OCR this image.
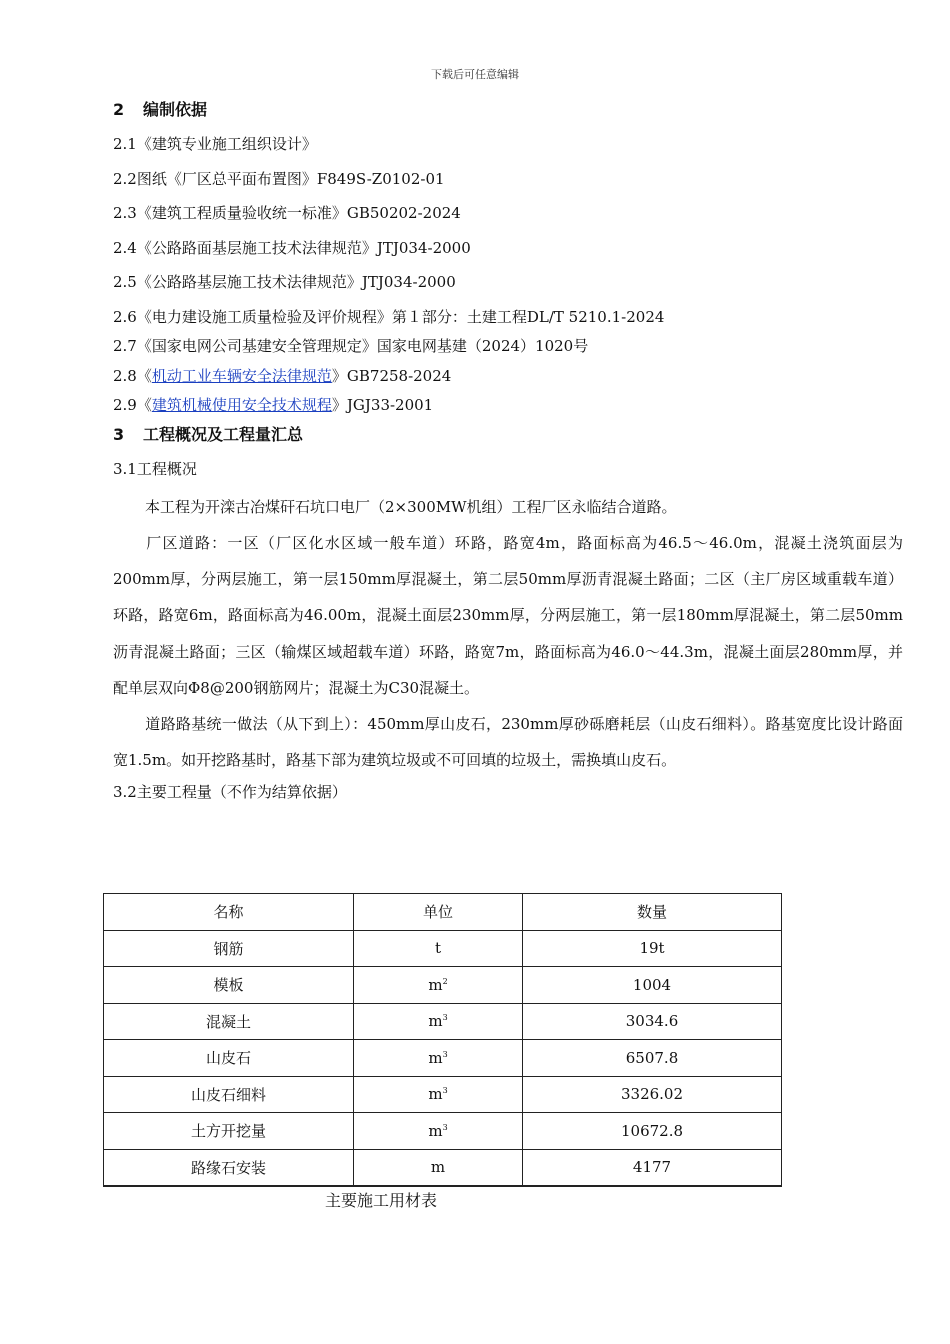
下载后可任意编辑
2 编制依据
2.1《建筑专业施工组织设计》
2.2图纸《厂区总平面布置图》F849S-Z0102-01
2.3《建筑工程质量验收统一标准》GB50202-2024
2.4《公路路面基层施工技术法律规范》JTJ034-2000
2.5《公路路基层施工技术法律规范》JTJ034-2000
2.6《电力建设施工质量检验及评价规程》第１部分：土建工程DL/T 5210.1-2024
2.7《国家电网公司基建安全管理规定》国家电网基建（2024）1020号
2.8《机动工业车辆安全法律规范》GB7258-2024
2.9《建筑机械使用安全技术规程》JGJ33-2001
3 工程概况及工程量汇总
3.1工程概况

本工程为开滦古冶煤矸石坑口电厂（2×300MW机组）工程厂区永临结合道路。

厂区道路：一区（厂区化水区域一般车道）环路，路宽4m，路面标高为46.5～46.0m，混凝土浇筑面层为200mm厚，分两层施工，第一层150mm厚混凝土，第二层50mm厚沥青混凝土路面；二区（主厂房区域重载车道）环路，路宽6m，路面标高为46.00m，混凝土面层230mm厚，分两层施工，第一层180mm厚混凝土，第二层50mm沥青混凝土路面；三区（输煤区域超载车道）环路，路宽7m，路面标高为46.0～44.3m，混凝土面层280mm厚，并配单层双向Φ8@200钢筋网片；混凝土为C30混凝土。

道路路基统一做法（从下到上）：450mm厚山皮石，230mm厚砂砾磨耗层（山皮石细料）。路基宽度比设计路面宽1.5m。如开挖路基时，路基下部为建筑垃圾或不可回填的垃圾土，需换填山皮石。

3.2主要工程量（不作为结算依据）
名称	单位	数量
钢筋	t	19t
模板	$m^2$	1004
混凝土	$m^3$	3034.6
山皮石	$m^3$	6507.8
山皮石细料	$m^3$	3326.02
土方开挖量	$m^3$	10672.8
路缘石安装	m	4177
主要施工用材表
